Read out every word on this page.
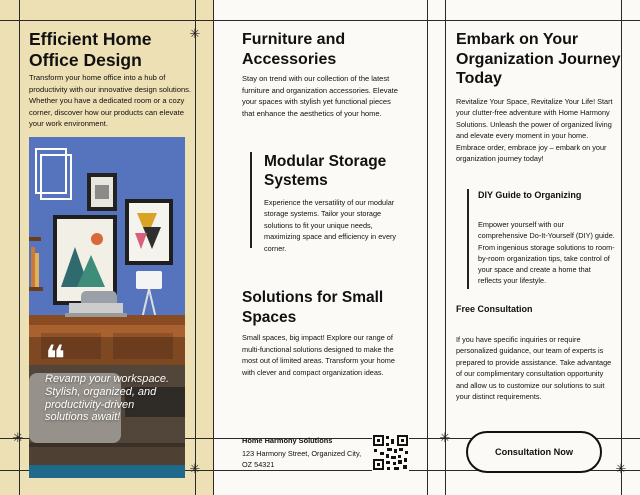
✳
✳
✳
✳
✳
Efficient Home Office Design

Transform your home office into a hub of productivity with our innovative design solutions. Whether you have a dedicated room or a cozy corner, discover how our products can elevate your work environment.

❝
Revamp your workspace. Stylish, organized, and productivity-driven solutions await!
Furniture and Accessories

Stay on trend with our collection of the latest furniture and organization accessories. Elevate your spaces with stylish yet functional pieces that enhance the aesthetics of your home.

Modular Storage Systems

Experience the versatility of our modular storage systems. Tailor your storage solutions to fit your unique needs, maximizing space and efficiency in every corner.

Solutions for Small Spaces

Small spaces, big impact! Explore our range of multi-functional solutions designed to make the most out of limited areas. Transform your home with clever and compact organization ideas.

Home Harmony Solutions
123 Harmony Street, Organized City, OZ 54321
Embark on Your Organization Journey Today

Revitalize Your Space, Revitalize Your Life! Start your clutter-free adventure with Home Harmony Solutions. Unleash the power of organized living and elevate every moment in your home. Embrace order, embrace joy – embark on your organization journey today!

DIY Guide to Organizing

Empower yourself with our comprehensive Do-It-Yourself (DIY) guide. From ingenious storage solutions to room-by-room organization tips, take control of your space and create a home that reflects your lifestyle.

Free Consultation

If you have specific inquiries or require personalized guidance, our team of experts is prepared to provide assistance. Take advantage of our complimentary consultation opportunity and allow us to customize our solutions to suit your distinct requirements.

Consultation Now
